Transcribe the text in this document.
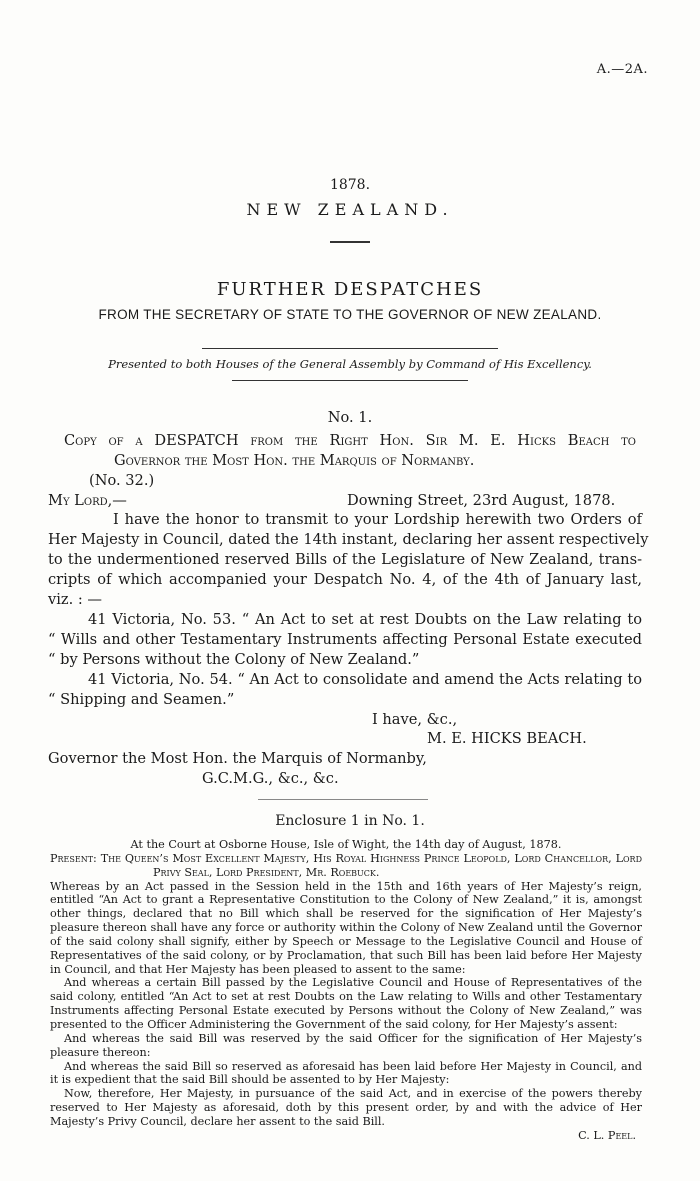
A.—2A.
1878.
NEW ZEALAND.
FURTHER DESPATCHES
FROM THE SECRETARY OF STATE TO THE GOVERNOR OF NEW ZEALAND.
Presented to both Houses of the General Assembly by Command of His Excellency.
No. 1.
Copy of a DESPATCH from the Right Hon. Sir M. E. Hicks Beach to
Governor the Most Hon. the Marquis of Normanby.
(No. 32.)
My Lord,—	Downing Street, 23rd August, 1878.
I have the honor to transmit to your Lordship herewith two Orders of
Her Majesty in Council, dated the 14th instant, declaring her assent respectively
to the undermentioned reserved Bills of the Legislature of New Zealand, trans-
cripts of which accompanied your Despatch No. 4, of the 4th of January last,
viz. : —
41 Victoria, No. 53. “ An Act to set at rest Doubts on the Law relating to
“ Wills and other Testamentary Instruments affecting Personal Estate executed
“ by Persons without the Colony of New Zealand.”
41 Victoria, No. 54. “ An Act to consolidate and amend the Acts relating to
“ Shipping and Seamen.”
I have, &c.,
M. E. HICKS BEACH.
Governor the Most Hon. the Marquis of Normanby,
G.C.M.G., &c., &c.
Enclosure 1 in No. 1.

At the Court at Osborne House, Isle of Wight, the 14th day of August, 1878.

Present: The Queen’s Most Excellent Majesty, His Royal Highness Prince Leopold, Lord Chancellor, Lord Privy Seal, Lord President, Mr. Roebuck.

Whereas by an Act passed in the Session held in the 15th and 16th years of Her Majesty’s reign, entitled “An Act to grant a Representative Constitution to the Colony of New Zealand,” it is, amongst other things, declared that no Bill which shall be reserved for the signification of Her Majesty’s pleasure thereon shall have any force or authority within the Colony of New Zealand until the Governor of the said colony shall signify, either by Speech or Message to the Legislative Council and House of Representatives of the said colony, or by Proclamation, that such Bill has been laid before Her Majesty in Council, and that Her Majesty has been pleased to assent to the same:

And whereas a certain Bill passed by the Legislative Council and House of Representatives of the said colony, entitled “An Act to set at rest Doubts on the Law relating to Wills and other Testamentary Instruments affecting Personal Estate executed by Persons without the Colony of New Zealand,” was presented to the Officer Administering the Government of the said colony, for Her Majesty’s assent:

And whereas the said Bill was reserved by the said Officer for the signification of Her Majesty’s pleasure thereon:

And whereas the said Bill so reserved as aforesaid has been laid before Her Majesty in Council, and it is expedient that the said Bill should be assented to by Her Majesty:

Now, therefore, Her Majesty, in pursuance of the said Act, and in exercise of the powers thereby reserved to Her Majesty as aforesaid, doth by this present order, by and with the advice of Her Majesty’s Privy Council, declare her assent to the said Bill.

C. L. Peel.
